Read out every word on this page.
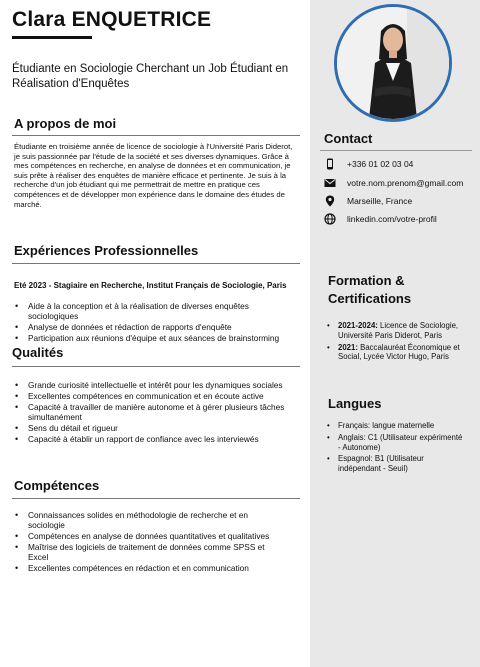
Clara ENQUETRICE
Étudiante en Sociologie Cherchant un Job Étudiant en Réalisation d'Enquêtes
A propos de moi
Étudiante en troisième année de licence de sociologie à l'Université Paris Diderot, je suis passionnée par l'étude de la société et ses diverses dynamiques. Grâce à mes compétences en recherche, en analyse de données et en communication, je suis prête à réaliser des enquêtes de manière efficace et pertinente. Je suis à la recherche d'un job étudiant qui me permettrait de mettre en pratique ces compétences et de développer mon expérience dans le domaine des études de marché.
Expériences Professionnelles
Eté 2023 - Stagiaire en Recherche, Institut Français de Sociologie, Paris
• Aide à la conception et à la réalisation de diverses enquêtes sociologiques
• Analyse de données et rédaction de rapports d'enquête
• Participation aux réunions d'équipe et aux séances de brainstorming
Qualités
• Grande curiosité intellectuelle et intérêt pour les dynamiques sociales
• Excellentes compétences en communication et en écoute active
• Capacité à travailler de manière autonome et à gérer plusieurs tâches simultanément
• Sens du détail et rigueur
• Capacité à établir un rapport de confiance avec les interviewés
Compétences
• Connaissances solides en méthodologie de recherche et en sociologie
• Compétences en analyse de données quantitatives et qualitatives
• Maîtrise des logiciels de traitement de données comme SPSS et Excel
• Excellentes compétences en rédaction et en communication
Contact
+336 01 02 03 04
votre.nom.prenom@gmail.com
Marseille, France
linkedin.com/votre-profil
Formation & Certifications
• 2021-2024: Licence de Sociologie, Université Paris Diderot, Paris
• 2021: Baccalauréat Économique et Social, Lycée Victor Hugo, Paris
Langues
• Français: langue maternelle
• Anglais: C1 (Utilisateur expérimenté - Autonome)
• Espagnol: B1 (Utilisateur indépendant - Seuil)
